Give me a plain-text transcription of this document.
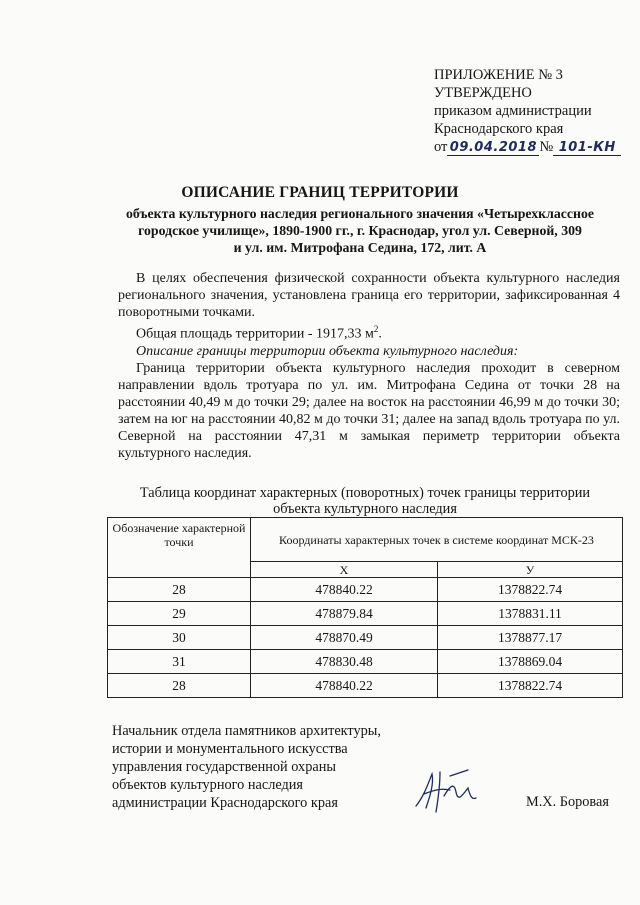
ПРИЛОЖЕНИЕ № 3
УТВЕРЖДЕНО
приказом администрации
Краснодарского края
от 09.04.2018 № 101-КН
ОПИСАНИЕ ГРАНИЦ ТЕРРИТОРИИ
объекта культурного наследия регионального значения «Четырехклассное
городское училище», 1890-1900 гг., г. Краснодар, угол ул. Северной, 309
и ул. им. Митрофана Седина, 172, лит. А

В целях обеспечения физической сохранности объекта культурного наследия регионального значения, установлена граница его территории, зафиксированная 4 поворотными точками.

Общая площадь территории - 1917,33 $м^2$.

Описание границы территории объекта культурного наследия:

Граница территории объекта культурного наследия проходит в северном направлении вдоль тротуара по ул. им. Митрофана Седина от точки 28 на расстоянии 40,49 м до точки 29; далее на восток на расстоянии 46,99 м до точки 30; затем на юг на расстоянии 40,82 м до точки 31; далее на запад вдоль тротуара по ул. Северной на расстоянии 47,31 м замыкая периметр территории объекта культурного наследия.

Таблица координат характерных (поворотных) точек границы территории
объекта культурного наследия
Обозначение характерной точки	Координаты характерных точек в системе координат МСК-23	
	X	У
28	478840.22	1378822.74
29	478879.84	1378831.11
30	478870.49	1378877.17
31	478830.48	1378869.04
28	478840.22	1378822.74
Начальник отдела памятников архитектуры,
истории и монументального искусства
управления государственной охраны
объектов культурного наследия
администрации Краснодарского края	М.Х. Боровая
